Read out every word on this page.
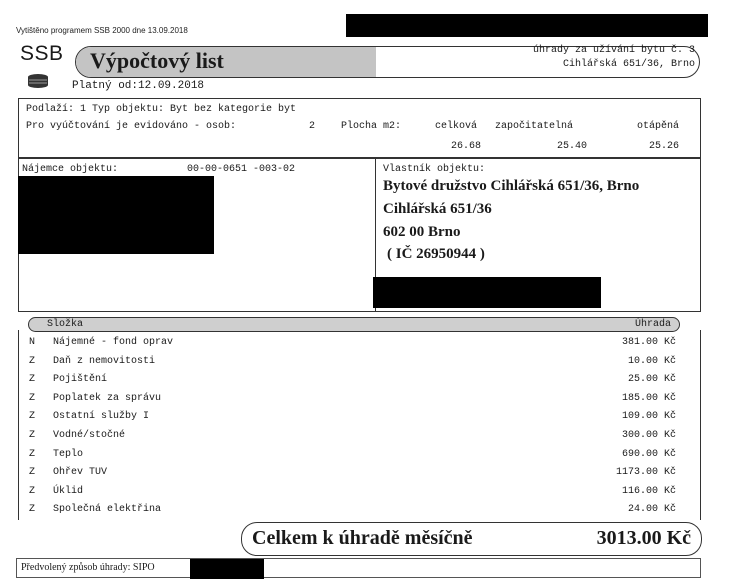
Vytištěno programem SSB 2000 dne 13.09.2018
SSB Výpočtový list	úhrady za užívání bytu č. 3
Cihlářská 651/36, Brno
Platný od:12.09.2018
Podlaží: 1 Typ objektu: Byt bez kategorie byt
Pro vyúčtování je evidováno - osob:	2	Plocha m2:	celková započitatelná	otápěná
26.68	25.40	25.26
Nájemce objektu:	00-00-0651 -003-02	Vlastník objektu:
Bytové družstvo Cihlářská 651/36, Brno
Cihlářská 651/36
602 00 Brno
( IČ 26950944 )
Složka	Úhrada
N Nájemné - fond oprav	381.00 Kč
Z Daň z nemovitosti	10.00 Kč
Z Pojištění	25.00 Kč
Z Poplatek za správu	185.00 Kč
Z Ostatní služby I	109.00 Kč
Z Vodné/stočné	300.00 Kč
Z Teplo	690.00 Kč
Z Ohřev TUV	1173.00 Kč
Z Úklid	116.00 Kč
Z Společná elektřina	24.00 Kč
Celkem k úhradě měsíčně	3013.00 Kč
Předvolený způsob úhrady: SIPO
